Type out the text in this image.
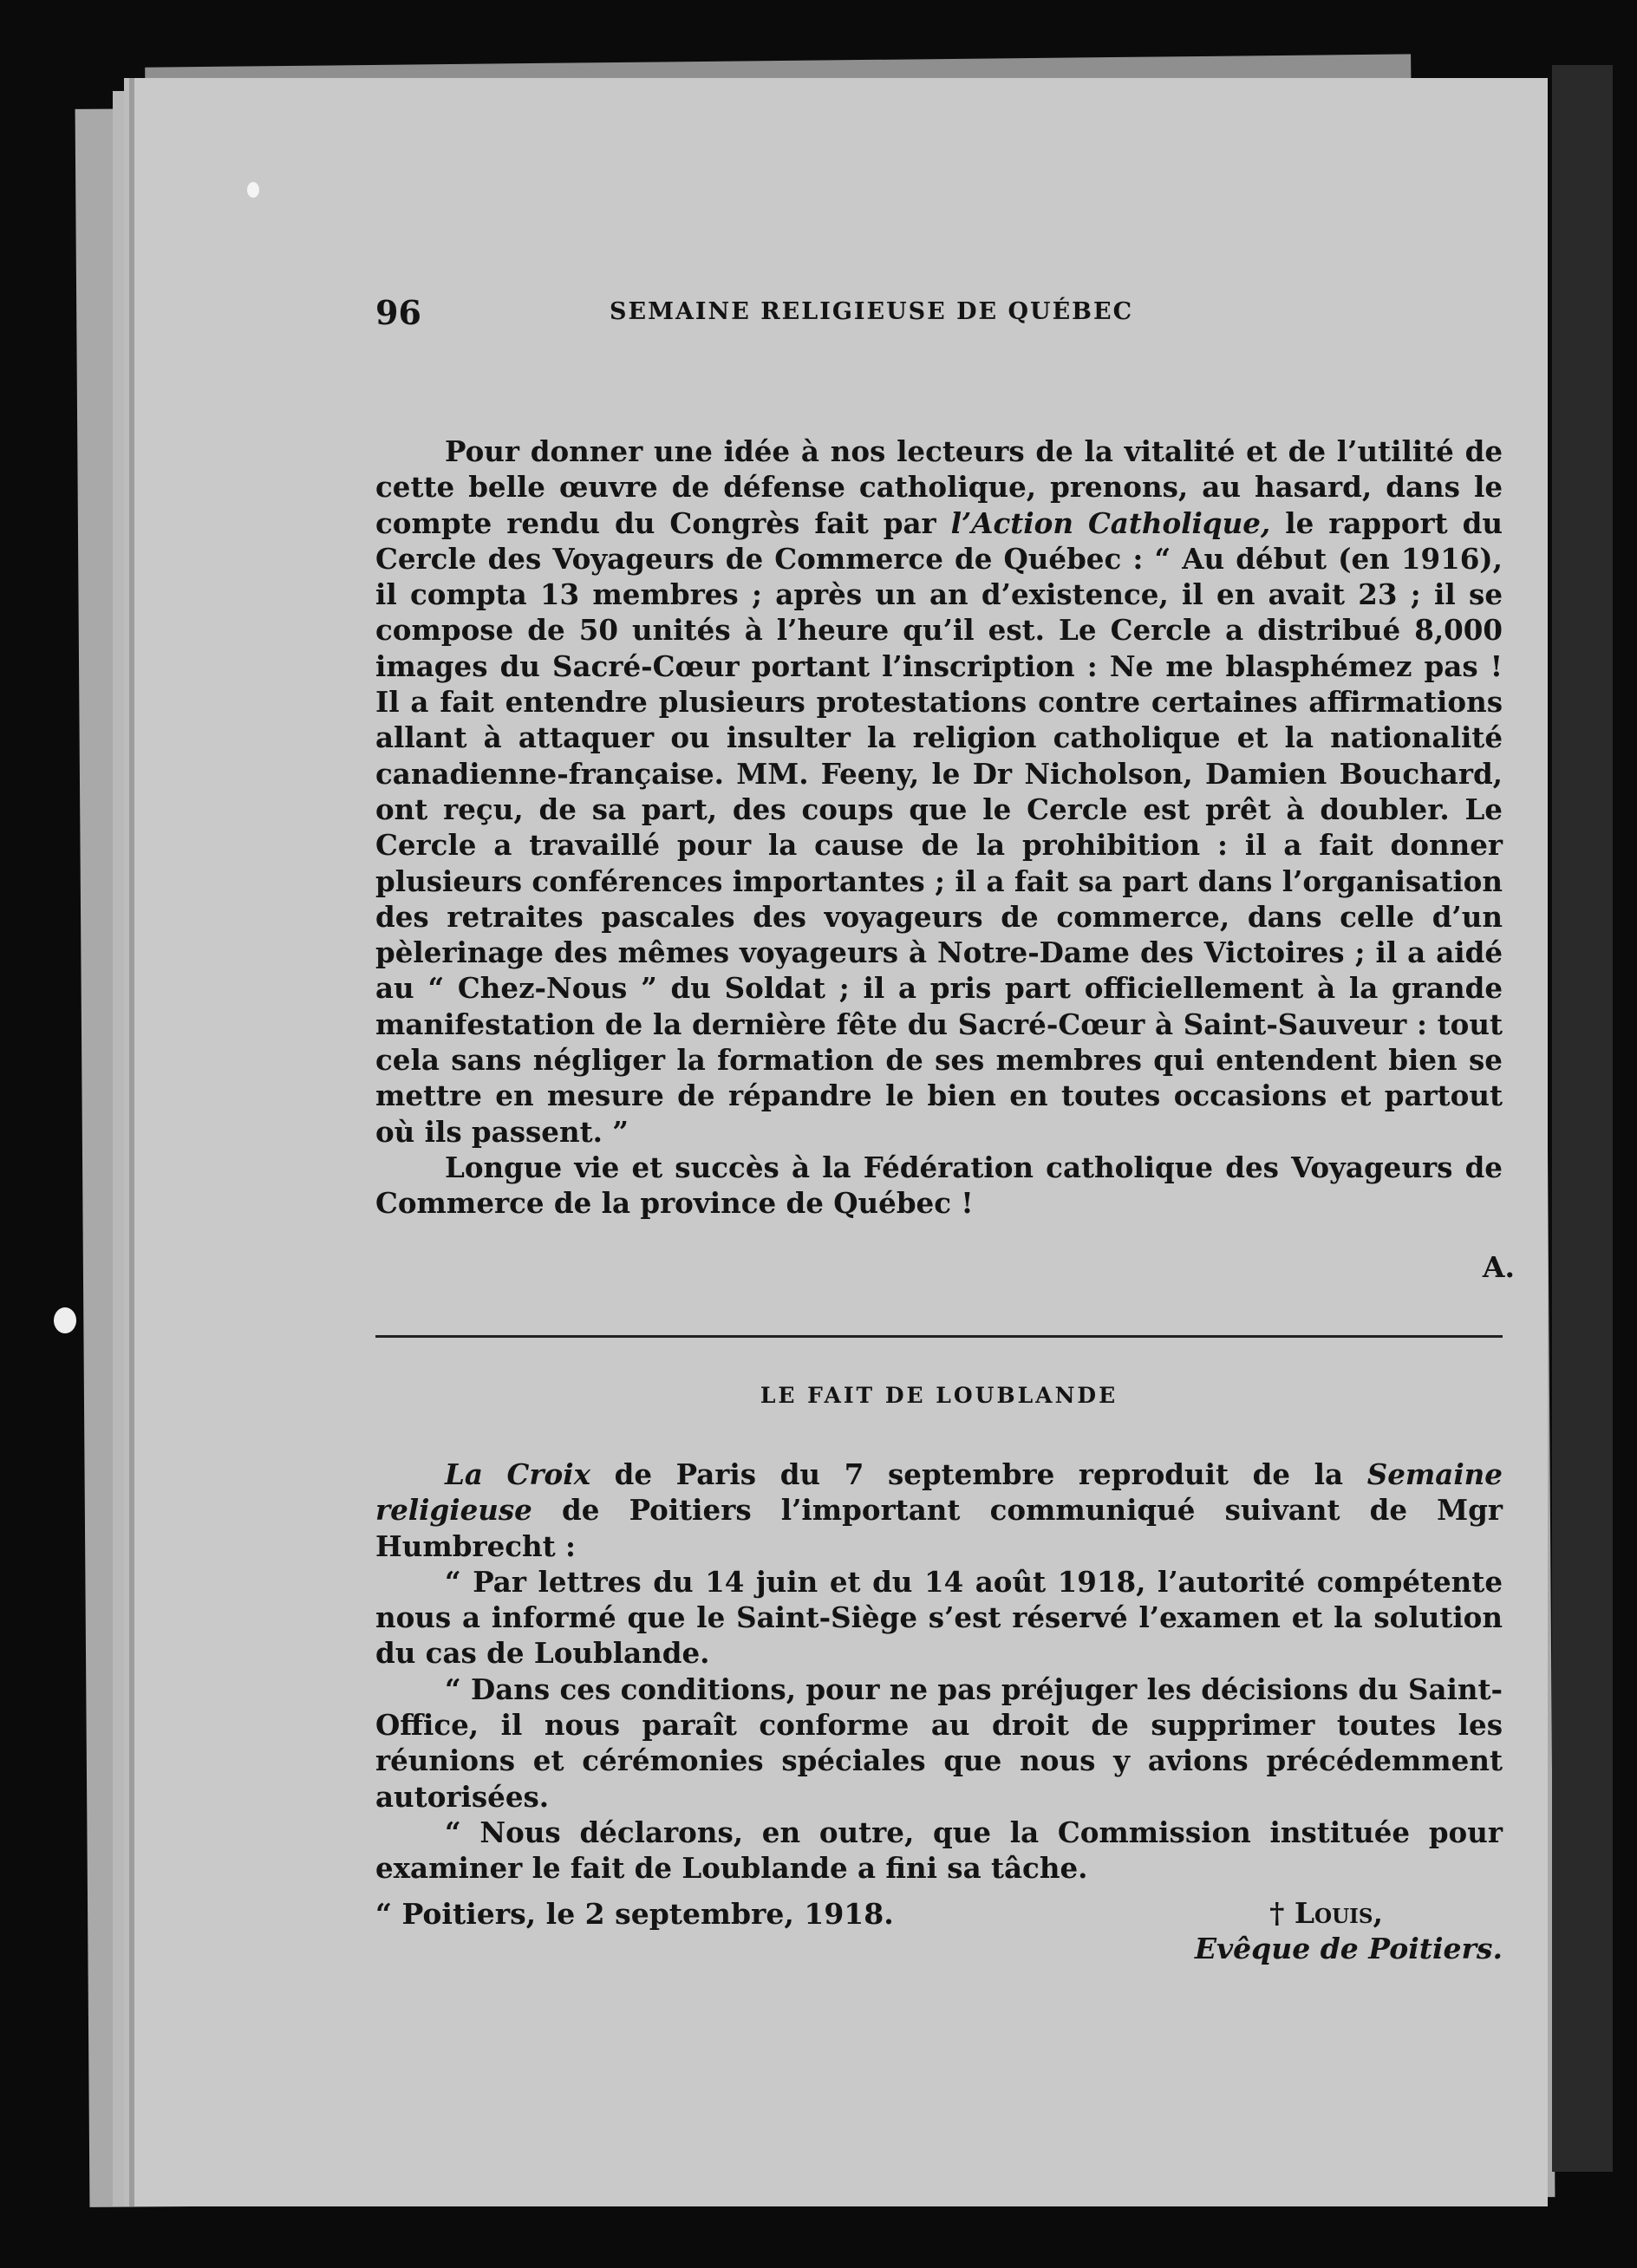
96	SEMAINE RELIGIEUSE DE QUÉBEC

Pour donner une idée à nos lecteurs de la vitalité et de l’utilité de cette belle œuvre de défense catholique, prenons, au hasard, dans le compte rendu du Congrès fait par l’Action Catholique, le rapport du Cercle des Voyageurs de Commerce de Québec : “ Au début (en 1916), il compta 13 membres ; après un an d’existence, il en avait 23 ; il se compose de 50 unités à l’heure qu’il est. Le Cercle a distribué 8,000 images du Sacré-Cœur portant l’inscription : Ne me blasphémez pas ! Il a fait entendre plusieurs protestations contre certaines affirmations allant à attaquer ou insulter la religion catholique et la nationalité canadienne-française. MM. Feeny, le Dr Nicholson, Damien Bouchard, ont reçu, de sa part, des coups que le Cercle est prêt à doubler. Le Cercle a travaillé pour la cause de la prohibition : il a fait donner plusieurs conférences importantes ; il a fait sa part dans l’organisation des retraites pascales des voyageurs de commerce, dans celle d’un pèlerinage des mêmes voyageurs à Notre-Dame des Victoires ; il a aidé au “ Chez-Nous ” du Soldat ; il a pris part officiellement à la grande manifestation de la dernière fête du Sacré-Cœur à Saint-Sauveur : tout cela sans négliger la formation de ses membres qui entendent bien se mettre en mesure de répandre le bien en toutes occasions et partout où ils passent. ”

Longue vie et succès à la Fédération catholique des Voyageurs de Commerce de la province de Québec !

A.
LE FAIT DE LOUBLANDE

La Croix de Paris du 7 septembre reproduit de la Semaine religieuse de Poitiers l’important communiqué suivant de Mgr Humbrecht :

“ Par lettres du 14 juin et du 14 août 1918, l’autorité compétente nous a informé que le Saint-Siège s’est réservé l’examen et la solution du cas de Loublande.

“ Dans ces conditions, pour ne pas préjuger les décisions du Saint-Office, il nous paraît conforme au droit de supprimer toutes les réunions et cérémonies spéciales que nous y avions précédemment autorisées.

“ Nous déclarons, en outre, que la Commission instituée pour examiner le fait de Loublande a fini sa tâche.

“ Poitiers, le 2 septembre, 1918.	† Louis,
Evêque de Poitiers.
